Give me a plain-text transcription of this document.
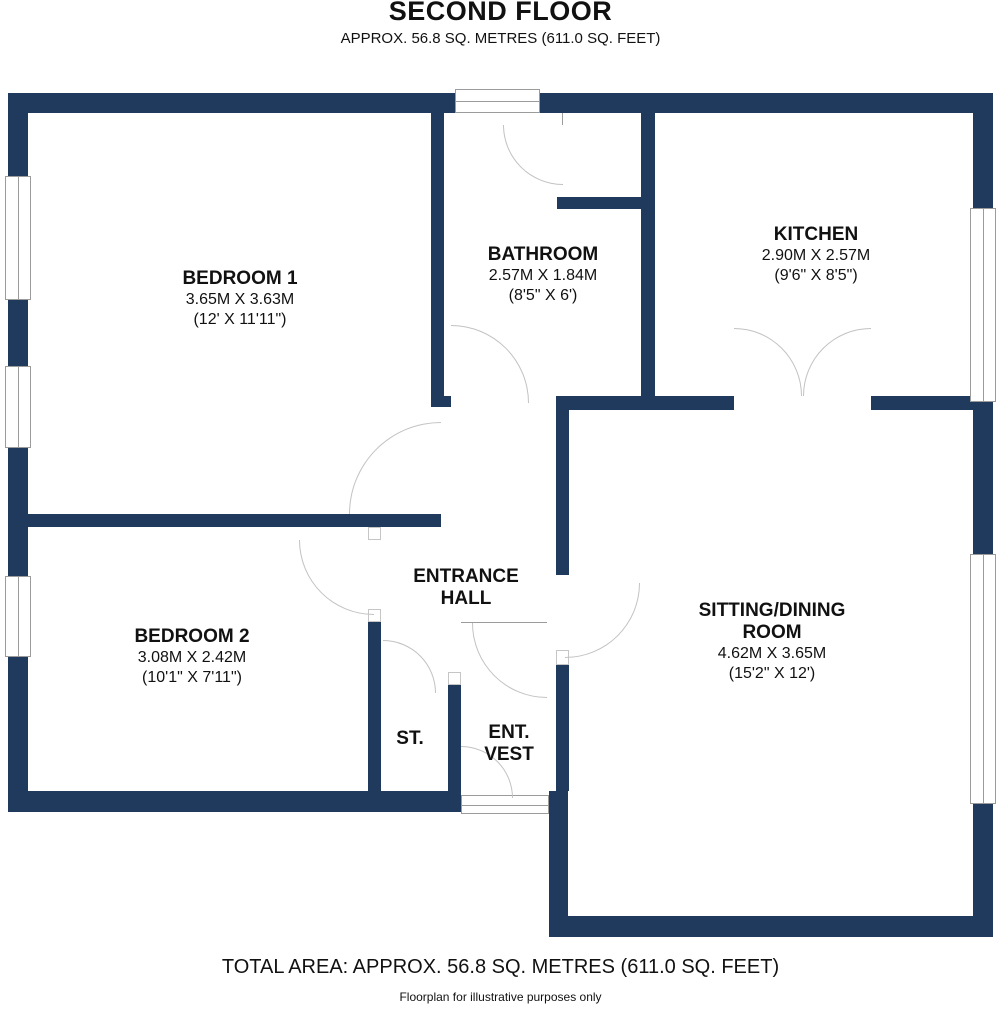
SECOND FLOOR
APPROX. 56.8 SQ. METRES (611.0 SQ. FEET)
BEDROOM 1
3.65M X 3.63M
(12' X 11'11")
BATHROOM
2.57M X 1.84M
(8'5" X 6')
KITCHEN
2.90M X 2.57M
(9'6" X 8'5")
BEDROOM 2
3.08M X 2.42M
(10'1" X 7'11")
ENTRANCE HALL
SITTING/DINING ROOM
4.62M X 3.65M
(15'2" X 12')
ST.	ENT. VEST
TOTAL AREA: APPROX. 56.8 SQ. METRES (611.0 SQ. FEET)
Floorplan for illustrative purposes only
